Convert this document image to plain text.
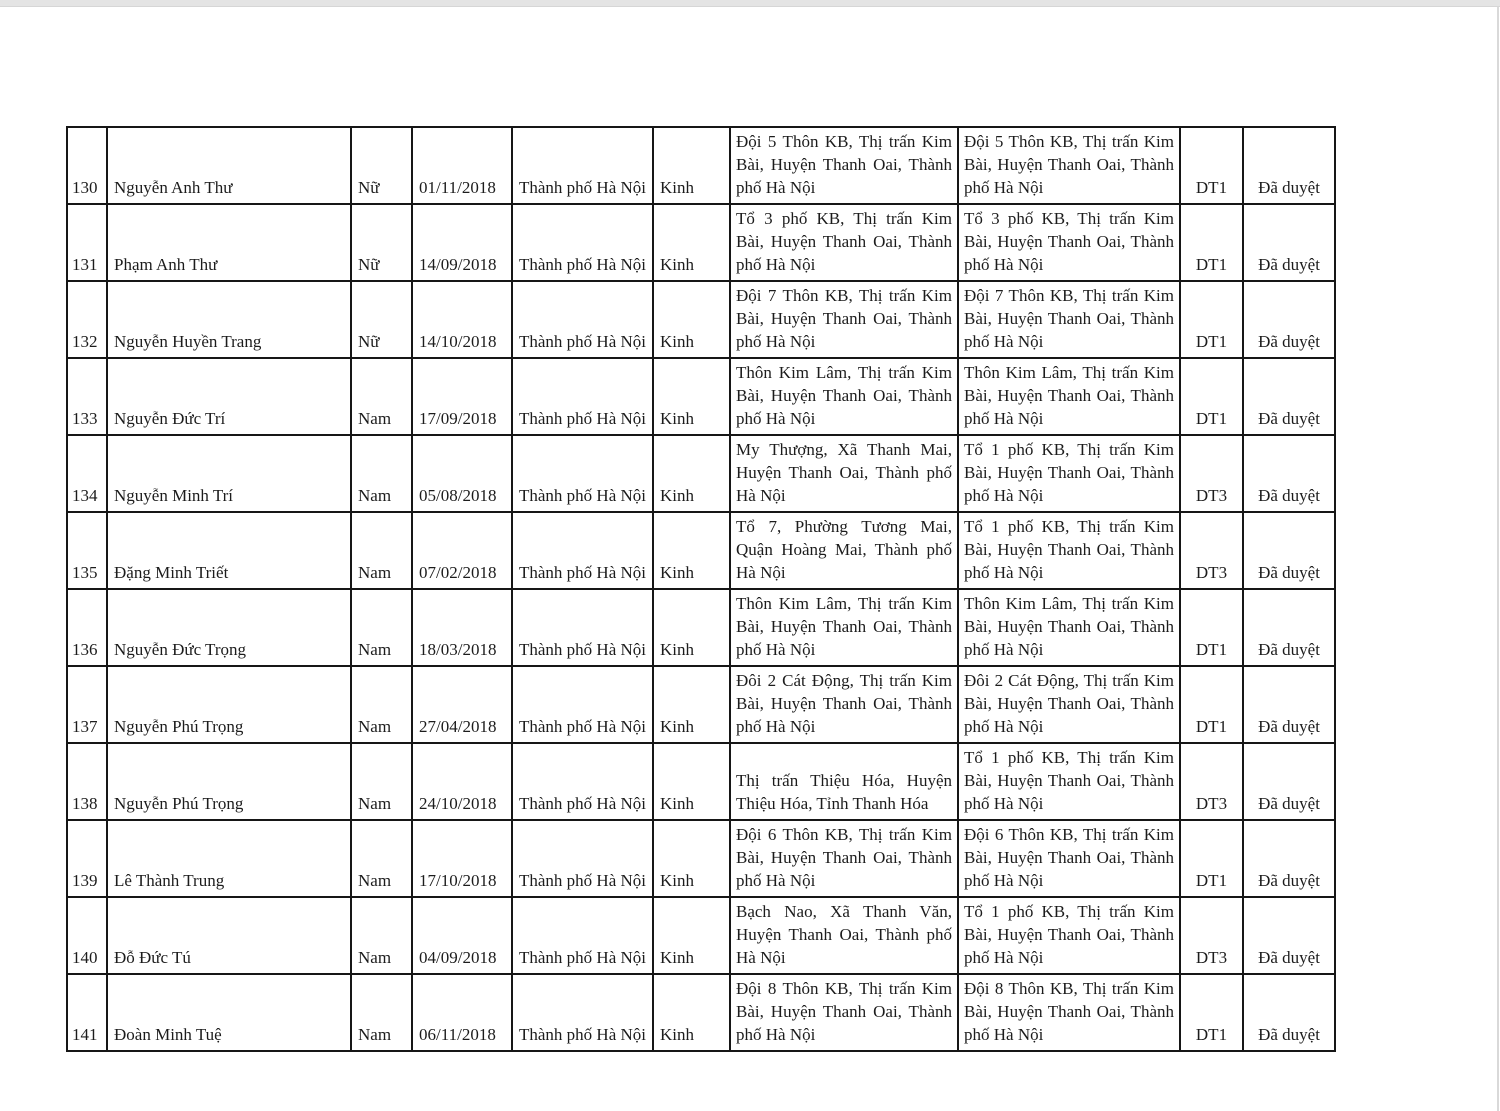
130	Nguyễn Anh Thư	Nữ	01/11/2018	Thành phố Hà Nội	Kinh	Đội 5 Thôn KB, Thị trấn Kim Bài, Huyện Thanh Oai, Thành phố Hà Nội	Đội 5 Thôn KB, Thị trấn Kim Bài, Huyện Thanh Oai, Thành phố Hà Nội	DT1	Đã duyệt
131	Phạm Anh Thư	Nữ	14/09/2018	Thành phố Hà Nội	Kinh	Tổ 3 phố KB, Thị trấn Kim Bài, Huyện Thanh Oai, Thành phố Hà Nội	Tổ 3 phố KB, Thị trấn Kim Bài, Huyện Thanh Oai, Thành phố Hà Nội	DT1	Đã duyệt
132	Nguyễn Huyền Trang	Nữ	14/10/2018	Thành phố Hà Nội	Kinh	Đội 7 Thôn KB, Thị trấn Kim Bài, Huyện Thanh Oai, Thành phố Hà Nội	Đội 7 Thôn KB, Thị trấn Kim Bài, Huyện Thanh Oai, Thành phố Hà Nội	DT1	Đã duyệt
133	Nguyễn Đức Trí	Nam	17/09/2018	Thành phố Hà Nội	Kinh	Thôn Kim Lâm, Thị trấn Kim Bài, Huyện Thanh Oai, Thành phố Hà Nội	Thôn Kim Lâm, Thị trấn Kim Bài, Huyện Thanh Oai, Thành phố Hà Nội	DT1	Đã duyệt
134	Nguyễn Minh Trí	Nam	05/08/2018	Thành phố Hà Nội	Kinh	My Thượng, Xã Thanh Mai, Huyện Thanh Oai, Thành phố Hà Nội	Tổ 1 phố KB, Thị trấn Kim Bài, Huyện Thanh Oai, Thành phố Hà Nội	DT3	Đã duyệt
135	Đặng Minh Triết	Nam	07/02/2018	Thành phố Hà Nội	Kinh	Tổ 7, Phường Tương Mai, Quận Hoàng Mai, Thành phố Hà Nội	Tổ 1 phố KB, Thị trấn Kim Bài, Huyện Thanh Oai, Thành phố Hà Nội	DT3	Đã duyệt
136	Nguyễn Đức Trọng	Nam	18/03/2018	Thành phố Hà Nội	Kinh	Thôn Kim Lâm, Thị trấn Kim Bài, Huyện Thanh Oai, Thành phố Hà Nội	Thôn Kim Lâm, Thị trấn Kim Bài, Huyện Thanh Oai, Thành phố Hà Nội	DT1	Đã duyệt
137	Nguyễn Phú Trọng	Nam	27/04/2018	Thành phố Hà Nội	Kinh	Đôi 2 Cát Động, Thị trấn Kim Bài, Huyện Thanh Oai, Thành phố Hà Nội	Đôi 2 Cát Động, Thị trấn Kim Bài, Huyện Thanh Oai, Thành phố Hà Nội	DT1	Đã duyệt
138	Nguyễn Phú Trọng	Nam	24/10/2018	Thành phố Hà Nội	Kinh	Thị trấn Thiệu Hóa, Huyện Thiệu Hóa, Tỉnh Thanh Hóa	Tổ 1 phố KB, Thị trấn Kim Bài, Huyện Thanh Oai, Thành phố Hà Nội	DT3	Đã duyệt
139	Lê Thành Trung	Nam	17/10/2018	Thành phố Hà Nội	Kinh	Đội 6 Thôn KB, Thị trấn Kim Bài, Huyện Thanh Oai, Thành phố Hà Nội	Đội 6 Thôn KB, Thị trấn Kim Bài, Huyện Thanh Oai, Thành phố Hà Nội	DT1	Đã duyệt
140	Đỗ Đức Tú	Nam	04/09/2018	Thành phố Hà Nội	Kinh	Bạch Nao, Xã Thanh Văn, Huyện Thanh Oai, Thành phố Hà Nội	Tổ 1 phố KB, Thị trấn Kim Bài, Huyện Thanh Oai, Thành phố Hà Nội	DT3	Đã duyệt
141	Đoàn Minh Tuệ	Nam	06/11/2018	Thành phố Hà Nội	Kinh	Đội 8 Thôn KB, Thị trấn Kim Bài, Huyện Thanh Oai, Thành phố Hà Nội	Đội 8 Thôn KB, Thị trấn Kim Bài, Huyện Thanh Oai, Thành phố Hà Nội	DT1	Đã duyệt
